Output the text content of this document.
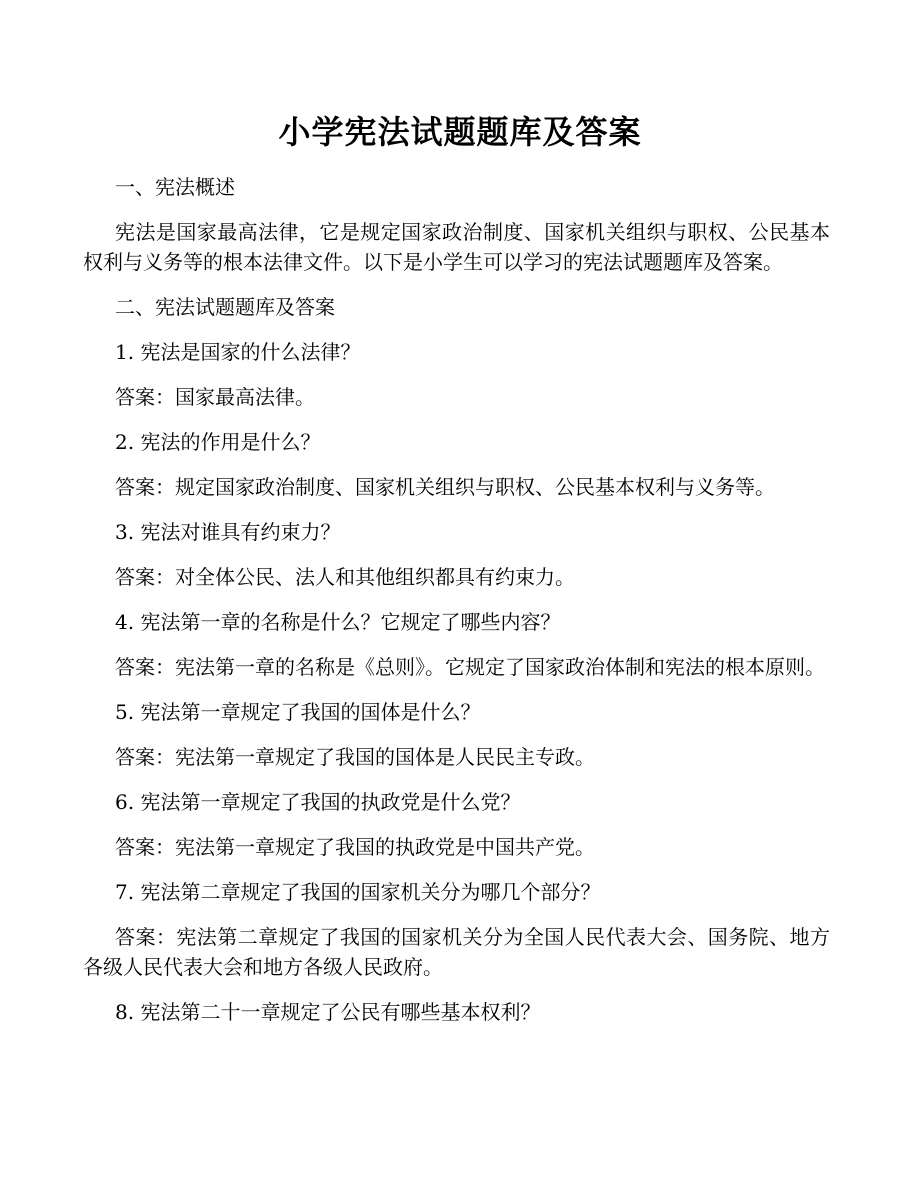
小学宪法试题题库及答案

一、宪法概述

宪法是国家最高法律，它是规定国家政治制度、国家机关组织与职权、公民基本权利与义务等的根本法律文件。以下是小学生可以学习的宪法试题题库及答案。

二、宪法试题题库及答案

1. 宪法是国家的什么法律？

答案：国家最高法律。

2. 宪法的作用是什么？

答案：规定国家政治制度、国家机关组织与职权、公民基本权利与义务等。

3. 宪法对谁具有约束力？

答案：对全体公民、法人和其他组织都具有约束力。

4. 宪法第一章的名称是什么？它规定了哪些内容？

答案：宪法第一章的名称是《总则》。它规定了国家政治体制和宪法的根本原则。

5. 宪法第一章规定了我国的国体是什么？

答案：宪法第一章规定了我国的国体是人民民主专政。

6. 宪法第一章规定了我国的执政党是什么党？

答案：宪法第一章规定了我国的执政党是中国共产党。

7. 宪法第二章规定了我国的国家机关分为哪几个部分？

答案：宪法第二章规定了我国的国家机关分为全国人民代表大会、国务院、地方各级人民代表大会和地方各级人民政府。

8. 宪法第二十一章规定了公民有哪些基本权利？
